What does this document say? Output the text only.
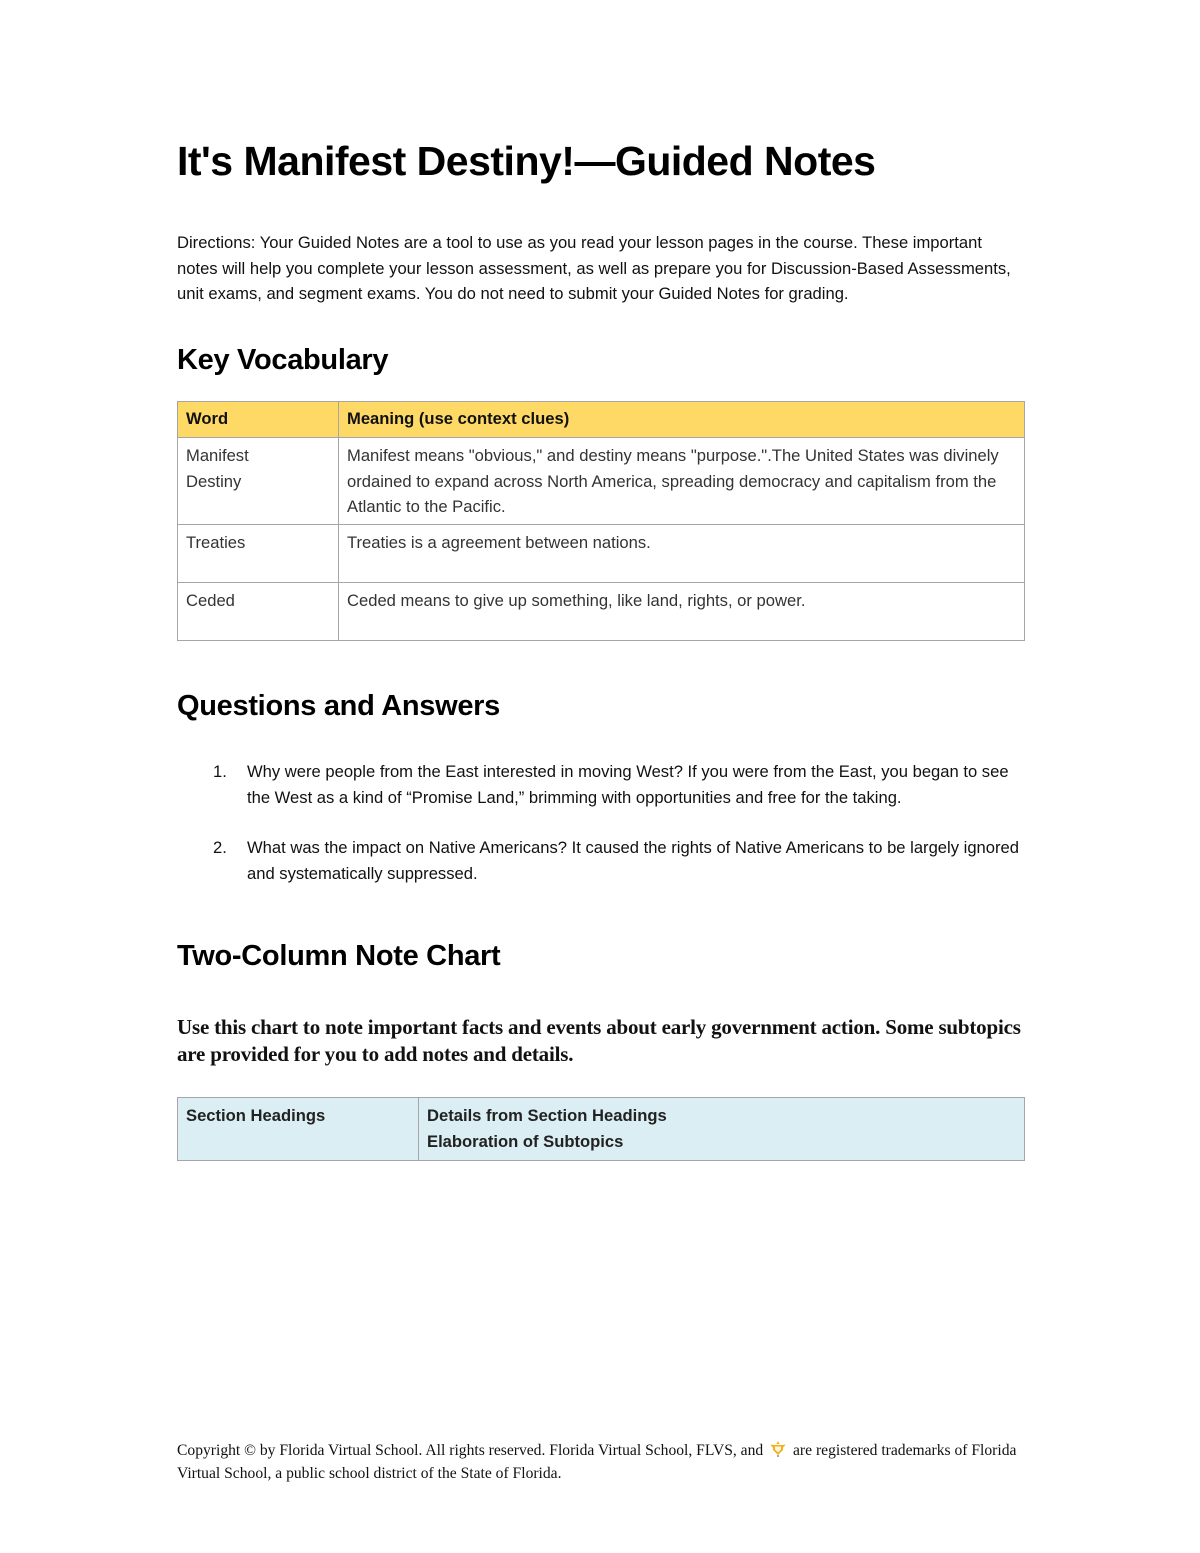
It's Manifest Destiny!—Guided Notes

Directions: Your Guided Notes are a tool to use as you read your lesson pages in the course. These important notes will help you complete your lesson assessment, as well as prepare you for Discussion-Based Assessments, unit exams, and segment exams. You do not need to submit your Guided Notes for grading.

Key Vocabulary
Word	Meaning (use context clues)
Manifest Destiny	Manifest means "obvious," and destiny means "purpose.".The United States was divinely ordained to expand across North America, spreading democracy and capitalism from the Atlantic to the Pacific.
Treaties	Treaties is a agreement between nations.
Ceded	Ceded means to give up something, like land, rights, or power.
Questions and Answers
1. Why were people from the East interested in moving West? If you were from the East, you began to see the West as a kind of “Promise Land,” brimming with opportunities and free for the taking.
2. What was the impact on Native Americans? It caused the rights of Native Americans to be largely ignored and systematically suppressed.
Two-Column Note Chart

Use this chart to note important facts and events about early government action. Some subtopics are provided for you to add notes and details.

Section Headings	Details from Section Headings
Elaboration of Subtopics

Copyright © by Florida Virtual School. All rights reserved. Florida Virtual School, FLVS, and are registered trademarks of Florida Virtual School, a public school district of the State of Florida.
